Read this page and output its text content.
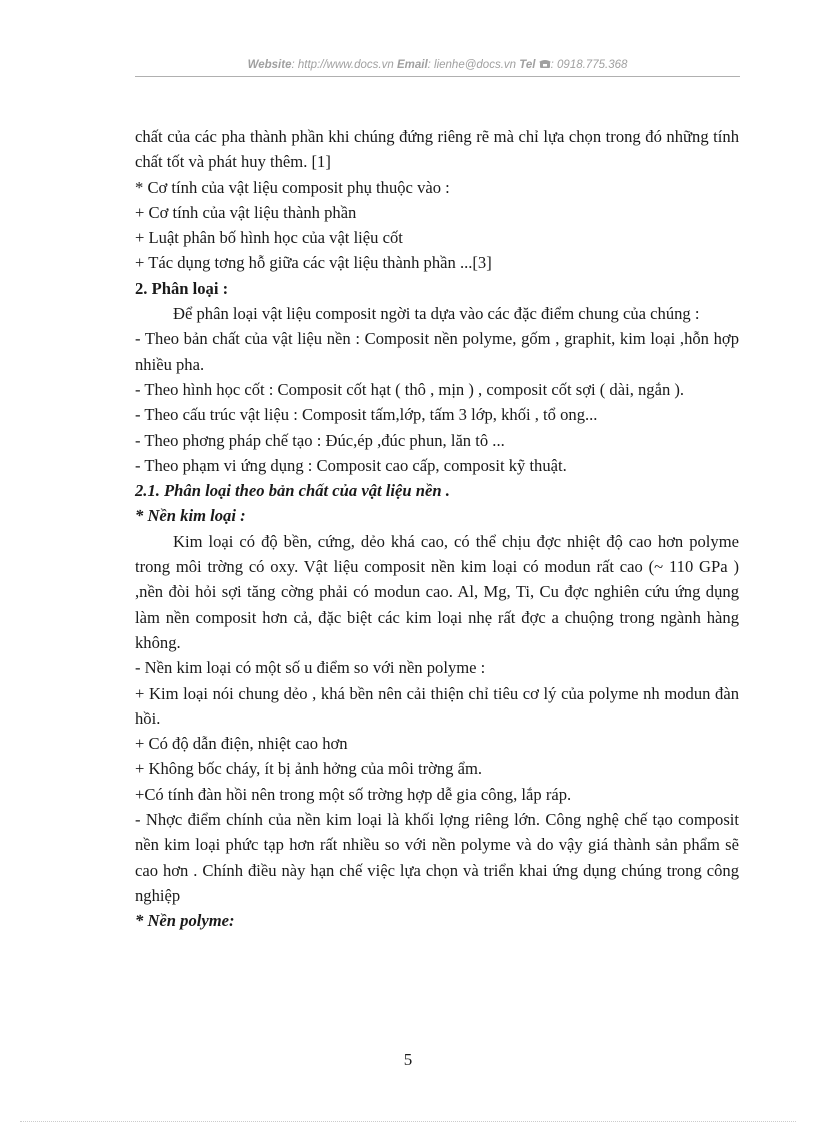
Website: http://www.docs.vn Email: lienhe@docs.vn Tel : 0918.775.368

chất của các pha thành phần khi chúng đứng riêng rẽ mà chỉ lựa chọn trong đó những tính chất tốt và phát huy thêm. [1]

* Cơ tính của vật liệu composit phụ thuộc vào :

+ Cơ tính của vật liệu thành phần

+ Luật phân bố hình học của vật liệu cốt

+ Tác dụng tơng hỗ giữa các vật liệu thành phần ...[3]

2. Phân loại :

Để phân loại vật liệu composit ngời ta dựa vào các đặc điểm chung của chúng :

- Theo bản chất của vật liệu nền : Composit nền polyme, gốm , graphit, kim loại ,hỗn hợp nhiều pha.

- Theo hình học cốt : Composit cốt hạt ( thô , mịn ) , composit cốt sợi ( dài, ngắn ).

- Theo cấu trúc vật liệu : Composit tấm,lớp, tấm 3 lớp, khối , tổ ong...

- Theo phơng pháp chế tạo : Đúc,ép ,đúc phun, lăn tô ...

- Theo phạm vi ứng dụng : Composit cao cấp, composit kỹ thuật.

2.1. Phân loại theo bản chất của vật liệu nền .

* Nền kim loại :

Kim loại có độ bền, cứng, dẻo khá cao, có thể chịu đợc nhiệt độ cao hơn polyme trong môi trờng có oxy. Vật liệu composit nền kim loại có modun rất cao (~ 110 GPa ) ,nền đòi hỏi sợi tăng cờng phải có modun cao. Al, Mg, Ti, Cu đợc nghiên cứu ứng dụng làm nền composit hơn cả, đặc biệt các kim loại nhẹ rất đợc a chuộng trong ngành hàng không.

- Nền kim loại có một số u điểm so với nền polyme :

+ Kim loại nói chung dẻo , khá bền nên cải thiện chỉ tiêu cơ lý của polyme nh modun đàn hồi.

+ Có độ dẫn điện, nhiệt cao hơn

+ Không bốc cháy, ít bị ảnh hởng của môi trờng ẩm.

+Có tính đàn hồi nên trong một số trờng hợp dễ gia công, lắp ráp.

- Nhợc điểm chính của nền kim loại là khối lợng riêng lớn. Công nghệ chế tạo composit nền kim loại phức tạp hơn rất nhiều so với nền polyme và do vậy giá thành sản phẩm sẽ cao hơn . Chính điều này hạn chế việc lựa chọn và triển khai ứng dụng chúng trong công nghiệp

* Nền polyme:

5
